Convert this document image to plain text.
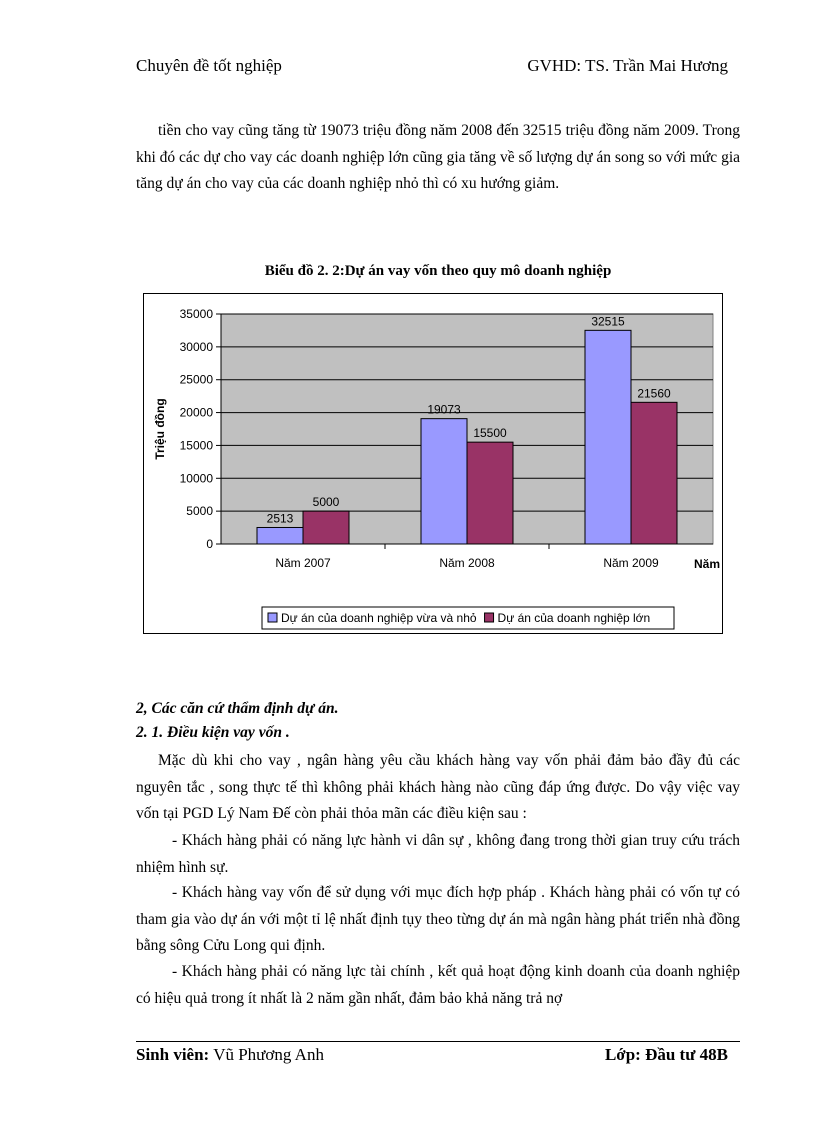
Chuyên đề tốt nghiệp	GVHD: TS. Trần Mai Hương

tiền cho vay cũng tăng từ 19073 triệu đồng năm 2008 đến 32515 triệu đồng năm 2009. Trong khi đó các dự cho vay các doanh nghiệp lớn cũng gia tăng về số lượng dự án song so với mức gia tăng dự án cho vay của các doanh nghiệp nhỏ thì có xu hướng giảm.

Biểu đồ 2. 2:Dự án vay vốn theo quy mô doanh nghiệp
0
5000
10000
15000
20000
25000
30000
35000
2513
5000
Năm 2007
19073
15500
Năm 2008
32515
21560
Năm 2009	Năm
Triệu đồng
Dự án của doanh nghiệp vừa và nhỏ Dự án của doanh nghiệp lớn
2, Các căn cứ thẩm định dự án.
2. 1. Điều kiện vay vốn .

Mặc dù khi cho vay , ngân hàng yêu cầu khách hàng vay vốn phải đảm bảo đầy đủ các nguyên tắc , song thực tế thì không phải khách hàng nào cũng đáp ứng được. Do vậy việc vay vốn tại PGD Lý Nam Đế còn phải thỏa mãn các điều kiện sau :

- Khách hàng phải có năng lực hành vi dân sự , không đang trong thời gian truy cứu trách nhiệm hình sự.

- Khách hàng vay vốn để sử dụng với mục đích hợp pháp . Khách hàng phải có vốn tự có tham gia vào dự án với một tỉ lệ nhất định tụy theo từng dự án mà ngân hàng phát triển nhà đồng bằng sông Cửu Long qui định.

- Khách hàng phải có năng lực tài chính , kết quả hoạt động kinh doanh của doanh nghiệp có hiệu quả trong ít nhất là 2 năm gần nhất, đảm bảo khả năng trả nợ

Sinh viên: Vũ Phương Anh	Lớp: Đầu tư 48B
